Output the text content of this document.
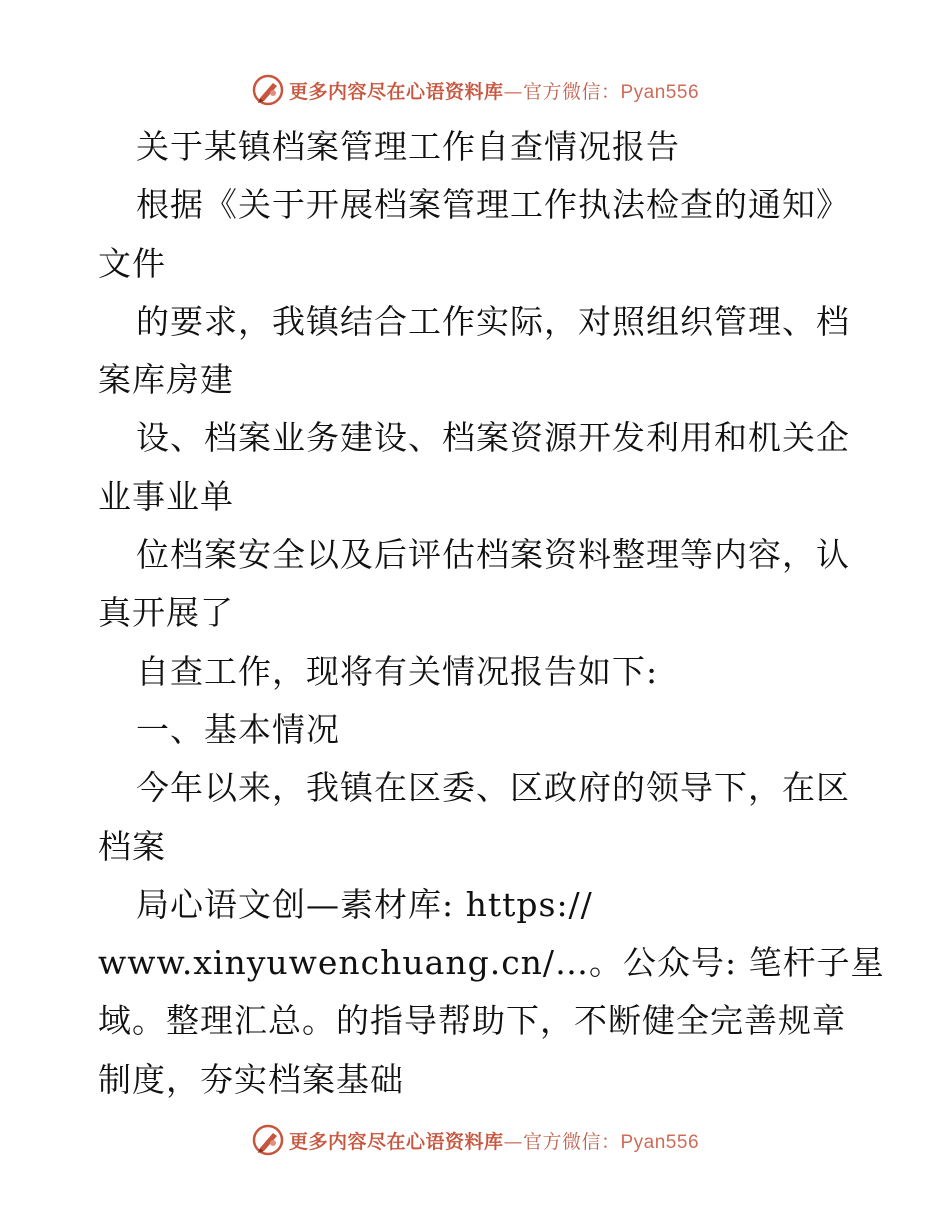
更多内容尽在心语资料库—官方微信：Pyan556
关于某镇档案管理工作自查情况报告
根据《关于开展档案管理工作执法检查的通知》
文件
的要求，我镇结合工作实际，对照组织管理、档
案库房建
设、档案业务建设、档案资源开发利用和机关企
业事业单
位档案安全以及后评估档案资料整理等内容，认
真开展了
自查工作，现将有关情况报告如下:
一、基本情况
今年以来，我镇在区委、区政府的领导下，在区
档案
局心语文创—素材库: https://
www.xinyuwenchuang.cn/…。公众号: 笔杆子星
域。整理汇总。的指导帮助下，不断健全完善规章
制度，夯实档案基础
更多内容尽在心语资料库—官方微信：Pyan556
